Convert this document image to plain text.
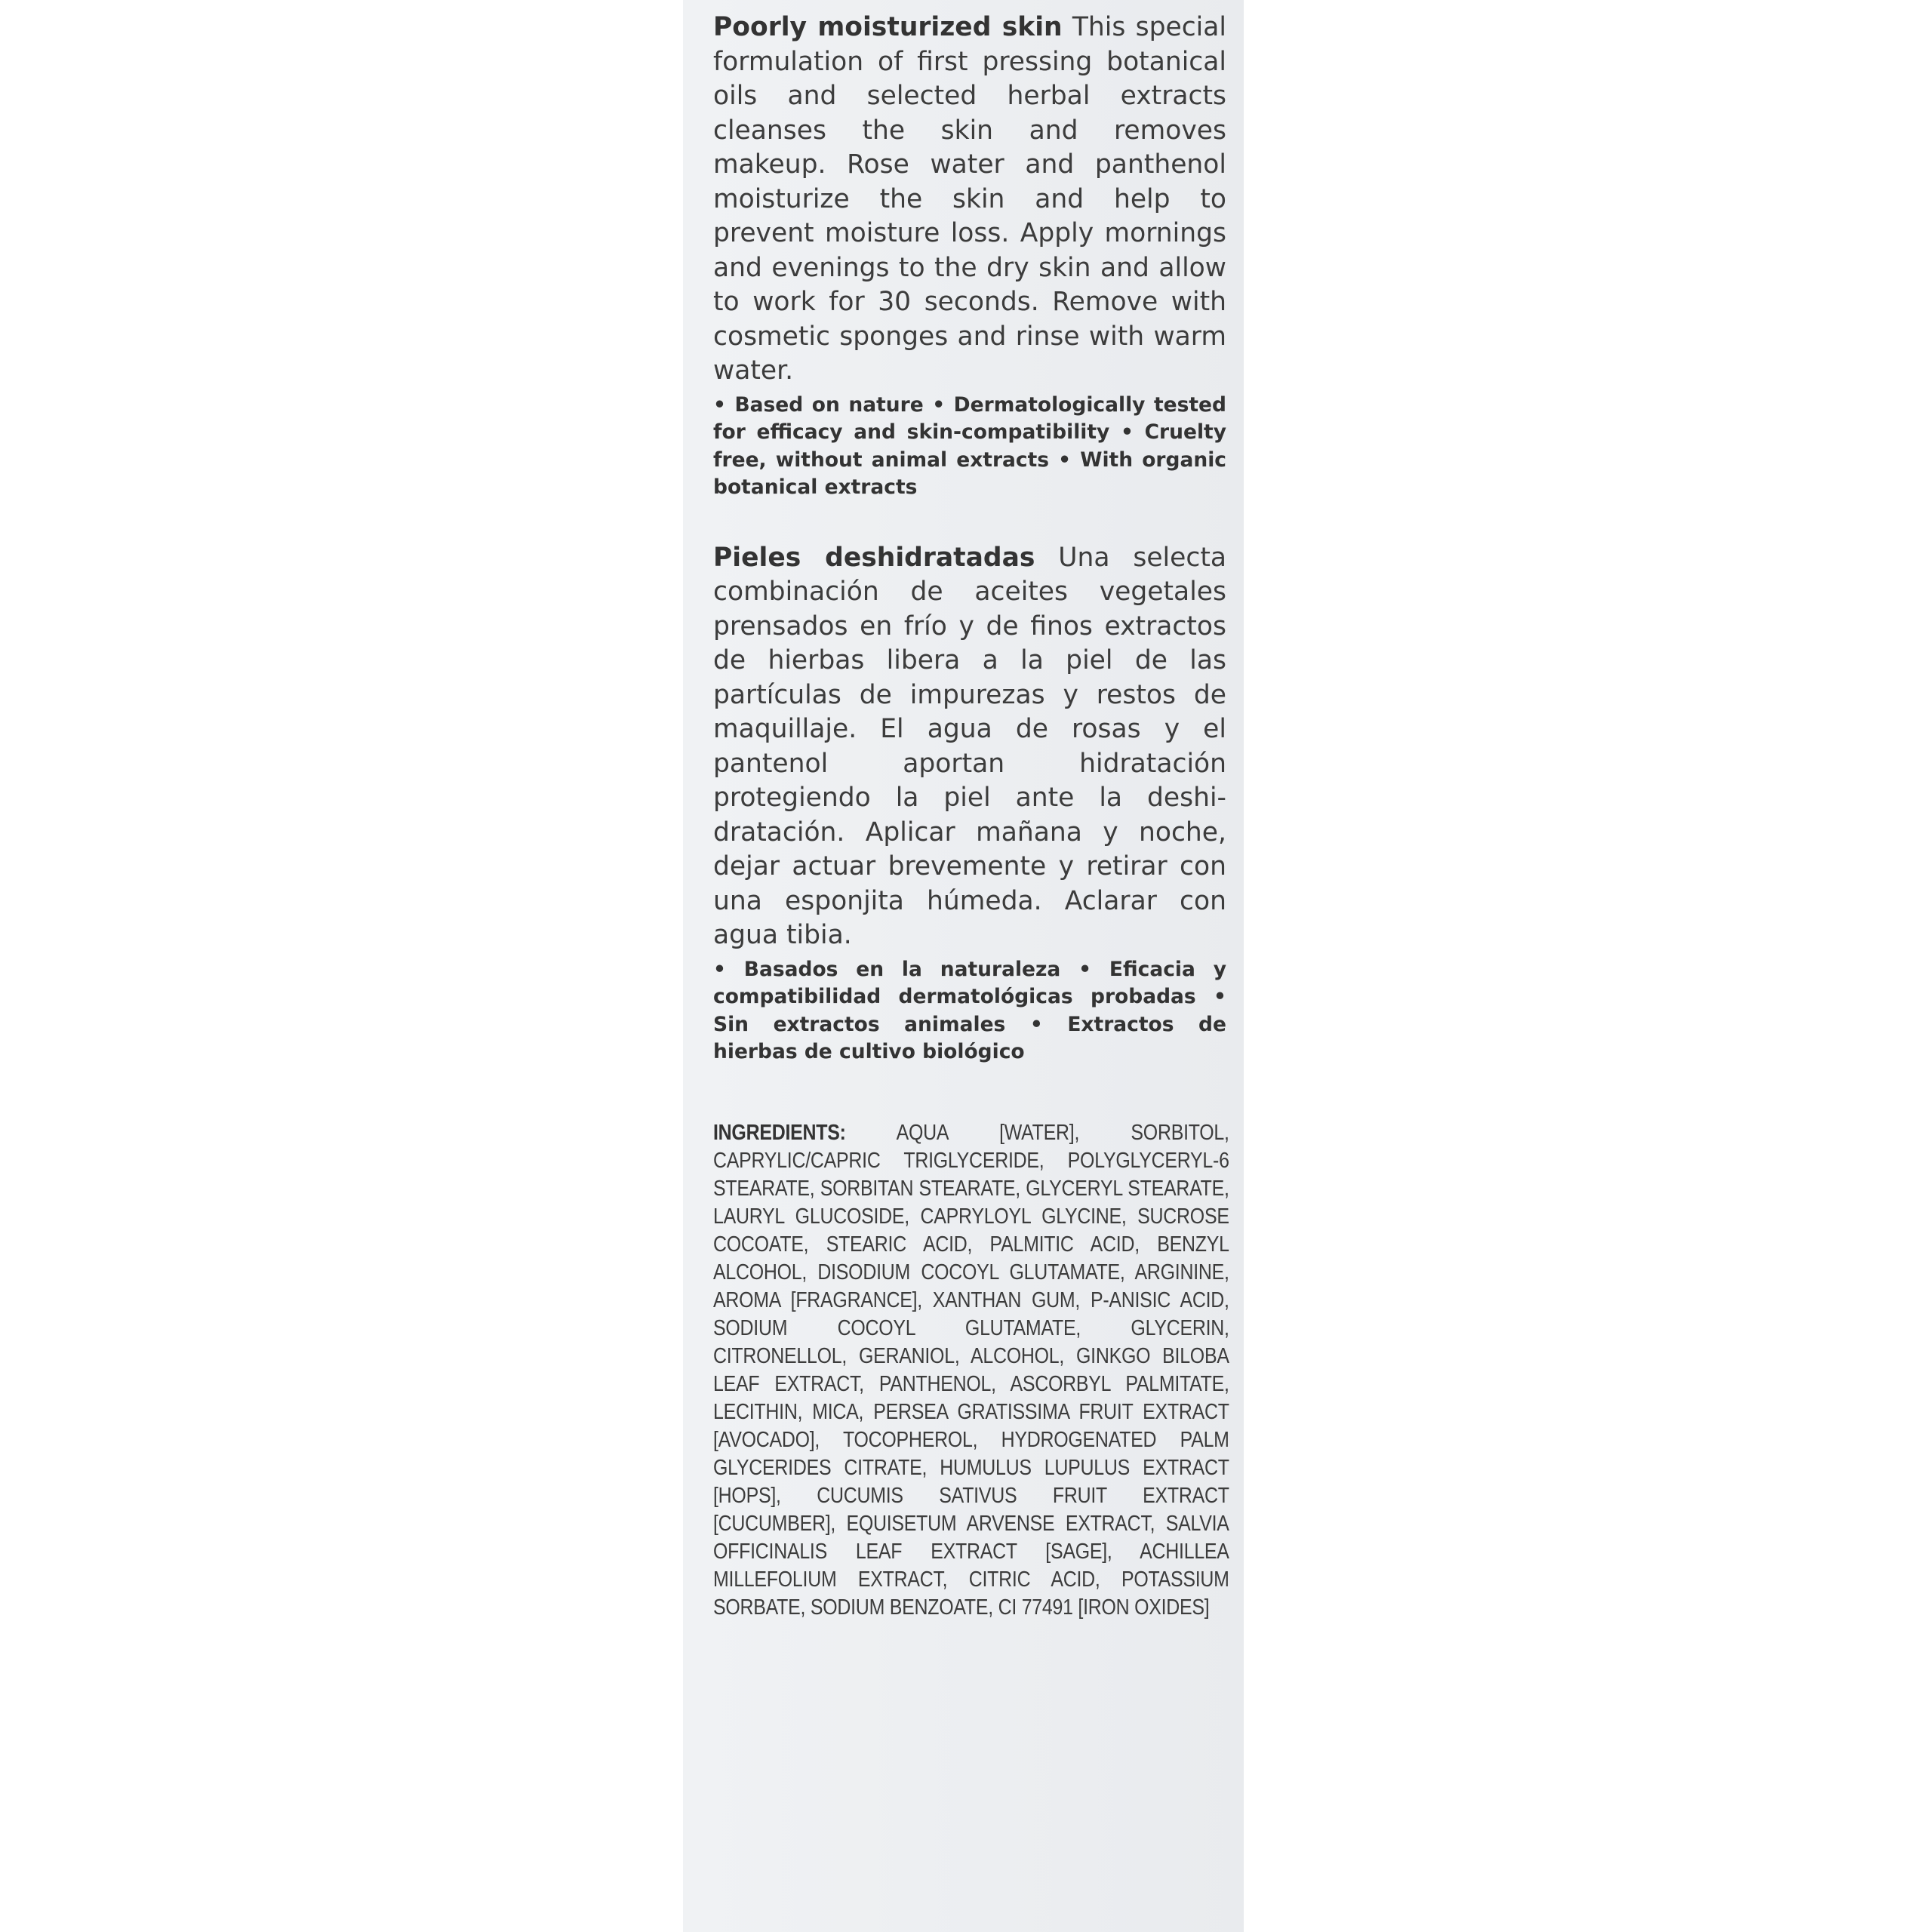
Poorly moisturized skin This special formulation of first pressing botanical oils and selected herbal extracts cleanses the skin and removes makeup. Rose water and panthenol moisturize the skin and help to prevent moisture loss. Apply mornings and evenings to the dry skin and allow to work for 30 seconds. Remove with cosmetic sponges and rinse with warm water.

• Based on nature • Dermatologically tested for efficacy and skin-compatibility • Cruelty free, without animal extracts • With organic botanical extracts

Pieles deshidratadas Una selecta combinación de aceites vegetales prensados en frío y de finos extractos de hierbas libera a la piel de las partículas de impurezas y restos de maquillaje. El agua de rosas y el pantenol aportan hidratación protegiendo la piel ante la deshidratación. Aplicar mañana y noche, dejar actuar brevemente y retirar con una esponjita húmeda. Aclarar con agua tibia.

• Basados en la naturaleza • Eficacia y compatibilidad dermatológicas probadas • Sin extractos animales • Extractos de hierbas de cultivo biológico

INGREDIENTS: AQUA [WATER], SORBITOL, CAPRYLIC/CAPRIC TRIGLYCERIDE, POLYGLYCERYL-6 STEARATE, SORBITAN STEARATE, GLYCERYL STEARATE, LAURYL GLUCOSIDE, CAPRYLOYL GLYCINE, SUCROSE COCOATE, STEARIC ACID, PALMITIC ACID, BENZYL ALCOHOL, DISODIUM COCOYL GLUTAMATE, ARGININE, AROMA [FRAGRANCE], XANTHAN GUM, P-ANISIC ACID, SODIUM COCOYL GLUTAMATE, GLYCERIN, CITRONELLOL, GERANIOL, ALCOHOL, GINKGO BILOBA LEAF EXTRACT, PANTHENOL, ASCORBYL PALMITATE, LECITHIN, MICA, PERSEA GRATISSIMA FRUIT EXTRACT [AVOCADO], TOCOPHEROL, HYDROGENATED PALM GLYCERIDES CITRATE, HUMULUS LUPULUS EXTRACT [HOPS], CUCUMIS SATIVUS FRUIT EXTRACT [CUCUMBER], EQUISETUM ARVENSE EXTRACT, SALVIA OFFICINALIS LEAF EXTRACT [SAGE], ACHILLEA MILLEFOLIUM EXTRACT, CITRIC ACID, POTASSIUM SORBATE, SODIUM BENZOATE, CI 77491 [IRON OXIDES]
